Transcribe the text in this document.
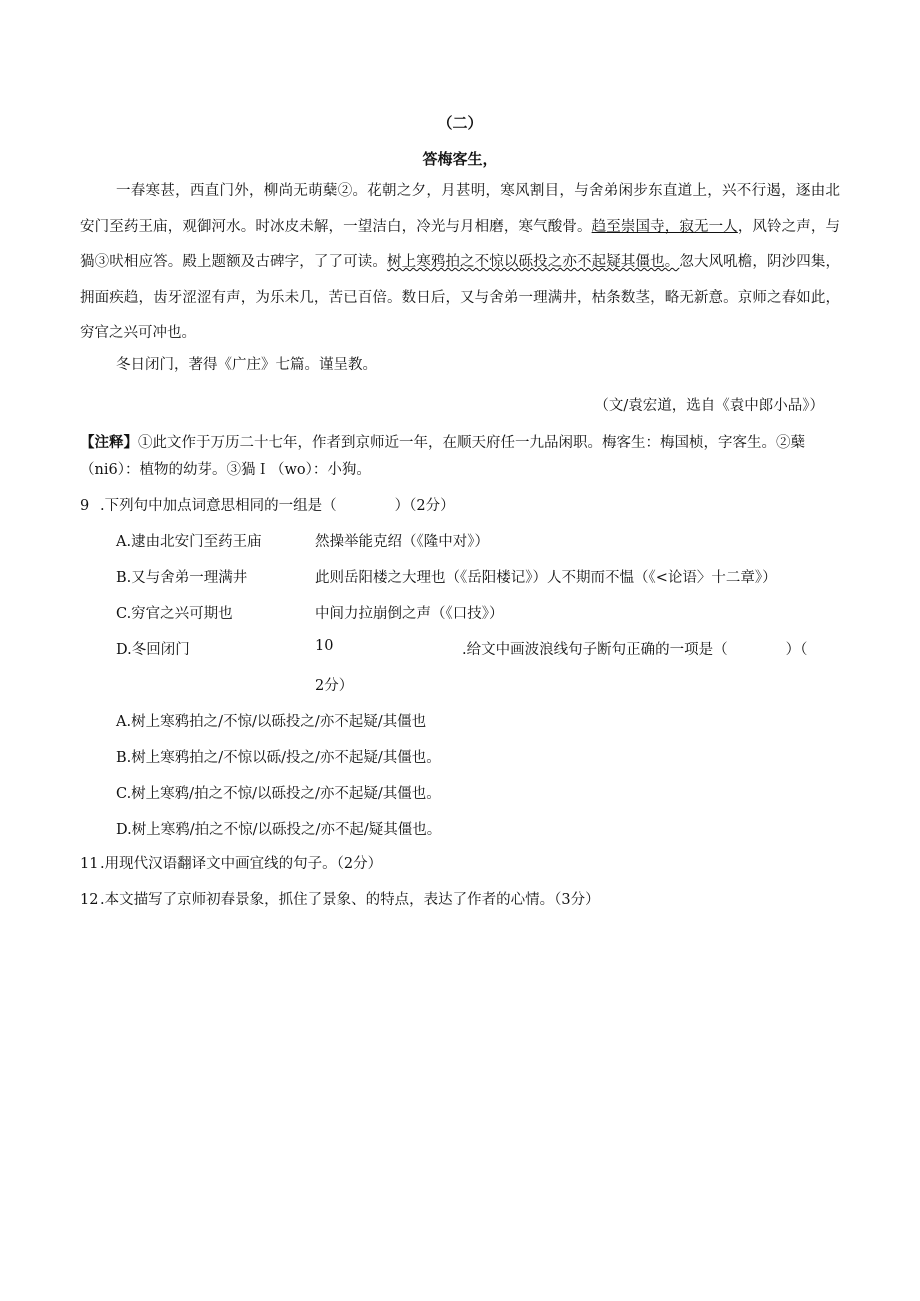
（二）
答梅客生，
一春寒甚，西直门外，柳尚无萌蘖②。花朝之夕，月甚明，寒风割目，与舍弟闲步东直道上，兴不行遏，逐由北安门至药王庙，观御河水。时冰皮未解，一望洁白，冷光与月相磨，寒气酸骨。趋至崇国寺，寂无一人，风铃之声，与猧③吠相应答。殿上题额及古碑字，了了可读。树上寒鸦拍之不惊以砾投之亦不起疑其僵也。忽大风吼檐，阴沙四集，拥面疾趋，齿牙涩涩有声，为乐未几，苦已百倍。数日后，又与舍弟一理满井，枯条数茎，略无新意。京师之春如此，穷官之兴可冲也。
冬日闭门，著得《广庄》七篇。谨呈教。
（文/袁宏道，选自《袁中郎小品》）
【注释】①此文作于万历二十七年，作者到京师近一年，在顺天府任一九品闲职。梅客生：梅国桢，字客生。②蘖（ni6）：植物的幼芽。③猧Ｉ（wo）：小狗。
9 .下列句中加点词意思相同的一组是（　　　　）（2分）
A.逮由北安门至药王庙	然操举能克绍（《隆中对》）
B.又与舍弟一理满井	此则岳阳楼之大理也（《岳阳楼记》）人不期而不愠（《<论语〉十二章》）
C.穷官之兴可期也	中间力拉崩倒之声（《口技》）
D.冬回闭门	10	.给文中画波浪线句子断句正确的一项是（　　　　）（
2分）
A.树上寒鸦拍之/不惊/以砾投之/亦不起疑/其僵也
B.树上寒鸦拍之/不惊以砾/投之/亦不起疑/其僵也。
C.树上寒鸦/拍之不惊/以砾投之/亦不起疑/其僵也。
D.树上寒鸦/拍之不惊/以砾投之/亦不起/疑其僵也。
11 .用现代汉语翻译文中画宜线的句子。（2分）
12 .本文描写了京师初春景象，抓住了景象、的特点，表达了作者的心情。（3分）
